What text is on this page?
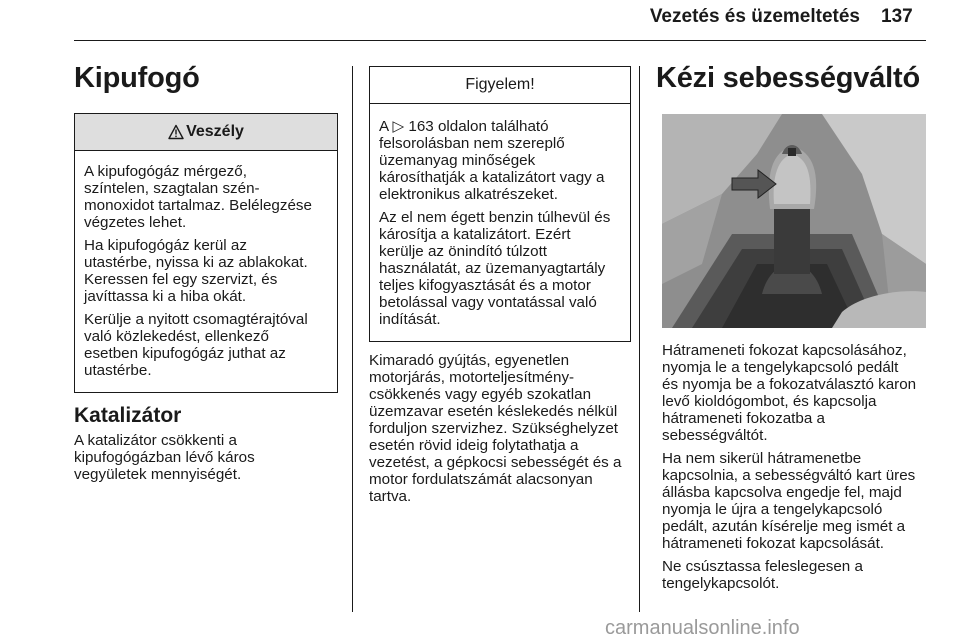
Vezetés és üzemeltetés 137
Kipufogó
Veszély

A kipufogógáz mérgező,
színtelen, szagtalan szén-
monoxidot tartalmaz. Belélegzése
végzetes lehet.

Ha kipufogógáz kerül az
utastérbe, nyissa ki az ablakokat.
Keressen fel egy szervizt, és
javíttassa ki a hiba okát.

Kerülje a nyitott csomagtérajtóval
való közlekedést, ellenkező
esetben kipufogógáz juthat az
utastérbe.

Katalizátor

A katalizátor csökkenti a
kipufogógázban lévő káros
vegyületek mennyiségét.

Figyelem!

A ▷ 163 oldalon található
felsorolásban nem szereplő
üzemanyag minőségek
károsíthatják a katalizátort vagy a
elektronikus alkatrészeket.

Az el nem égett benzin túlhevül és
károsítja a katalizátort. Ezért
kerülje az önindító túlzott
használatát, az üzemanyagtartály
teljes kifogyasztását és a motor
betolással vagy vontatással való
indítását.

Kimaradó gyújtás, egyenetlen
motorjárás, motorteljesítmény-
csökkenés vagy egyéb szokatlan
üzemzavar esetén késlekedés nélkül
forduljon szervizhez. Szükséghelyzet
esetén rövid ideig folytathatja a
vezetést, a gépkocsi sebességét és a
motor fordulatszámát alacsonyan
tartva.

Kézi sebességváltó

Hátrameneti fokozat kapcsolásához,
nyomja le a tengelykapcsoló pedált
és nyomja be a fokozatválasztó karon
levő kioldógombot, és kapcsolja
hátrameneti fokozatba a
sebességváltót.

Ha nem sikerül hátramenetbe
kapcsolnia, a sebességváltó kart üres
állásba kapcsolva engedje fel, majd
nyomja le újra a tengelykapcsoló
pedált, azután kísérelje meg ismét a
hátrameneti fokozat kapcsolását.

Ne csúsztassa feleslegesen a
tengelykapcsolót.

carmanualsonline.info
